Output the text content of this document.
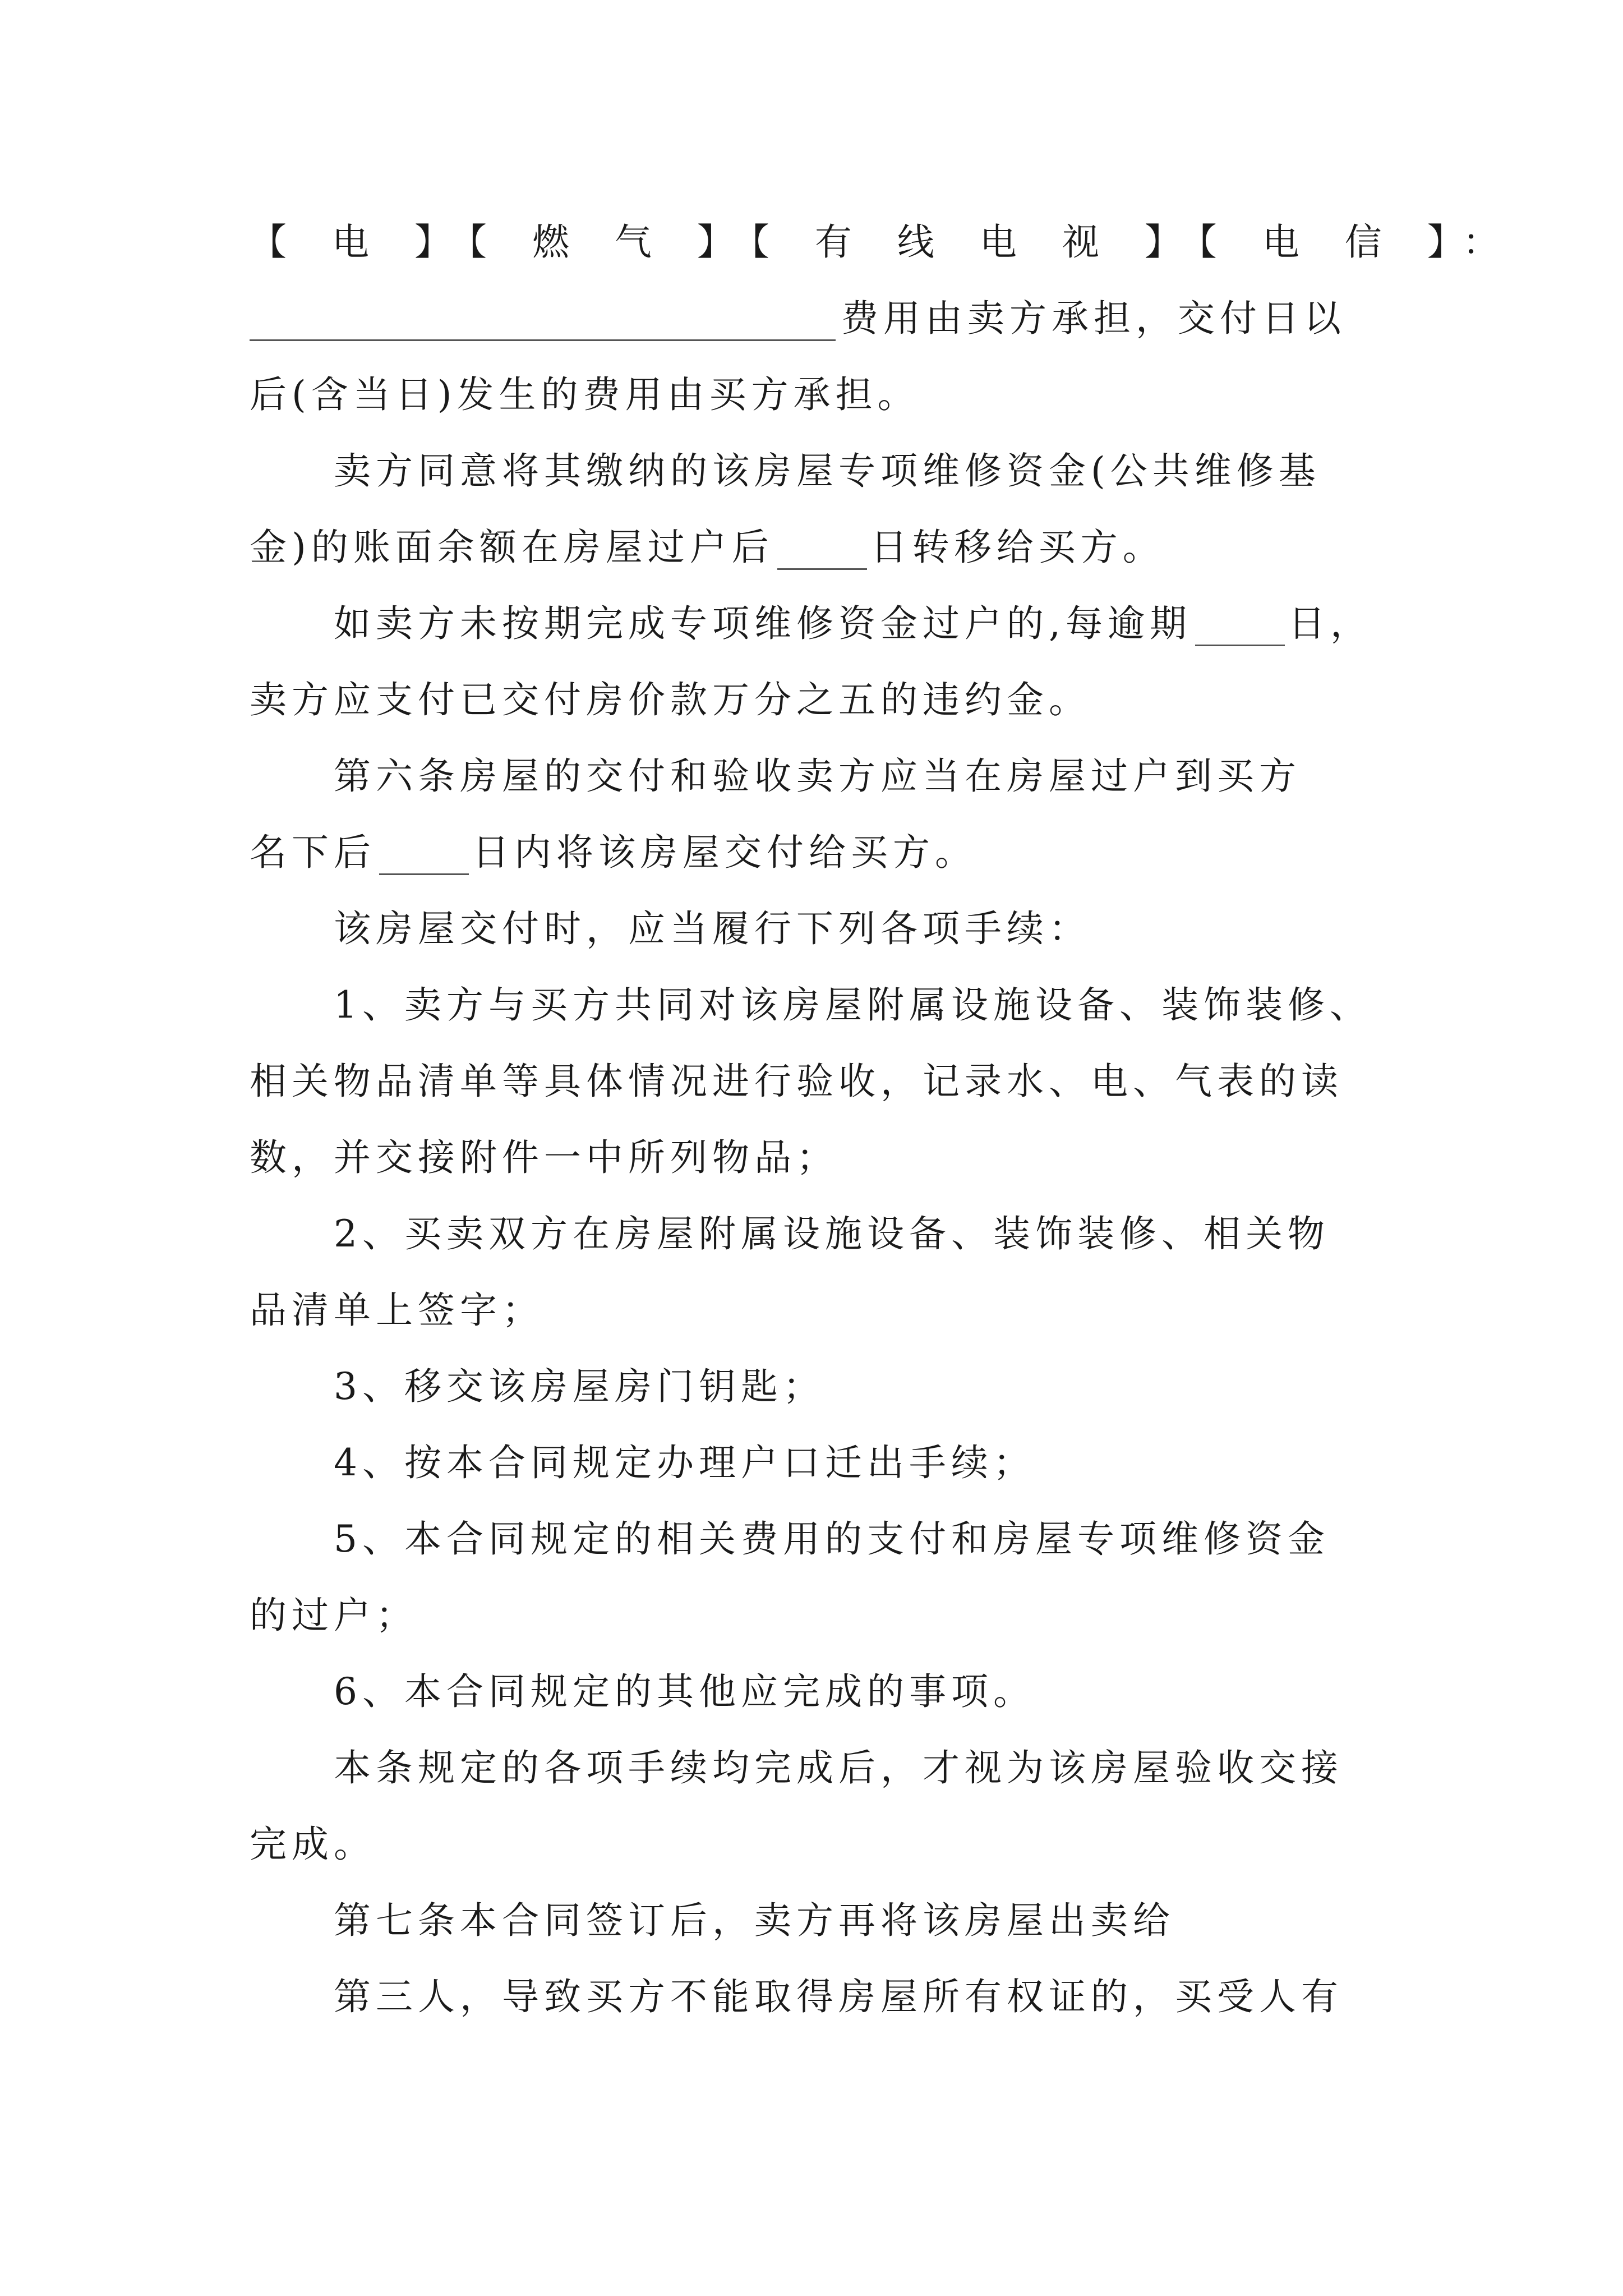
【 电 】【 燃 气 】【 有 线 电 视 】【 电 信 】：
费用由卖方承担，交付日以
后(含当日)发生的费用由买方承担。
卖方同意将其缴纳的该房屋专项维修资金(公共维修基
金)的账面余额在房屋过户后	日转移给买方。
如卖方未按期完成专项维修资金过户的,每逾期	日，
卖方应支付已交付房价款万分之五的违约金。
第六条房屋的交付和验收卖方应当在房屋过户到买方
名下后	日内将该房屋交付给买方。
该房屋交付时，应当履行下列各项手续：
1、卖方与买方共同对该房屋附属设施设备、装饰装修、
相关物品清单等具体情况进行验收，记录水、电、气表的读
数，并交接附件一中所列物品；
2、买卖双方在房屋附属设施设备、装饰装修、相关物
品清单上签字；
3、移交该房屋房门钥匙；
4、按本合同规定办理户口迁出手续；
5、本合同规定的相关费用的支付和房屋专项维修资金
的过户；
6、本合同规定的其他应完成的事项。
本条规定的各项手续均完成后，才视为该房屋验收交接
完成。
第七条本合同签订后，卖方再将该房屋出卖给
第三人，导致买方不能取得房屋所有权证的，买受人有
